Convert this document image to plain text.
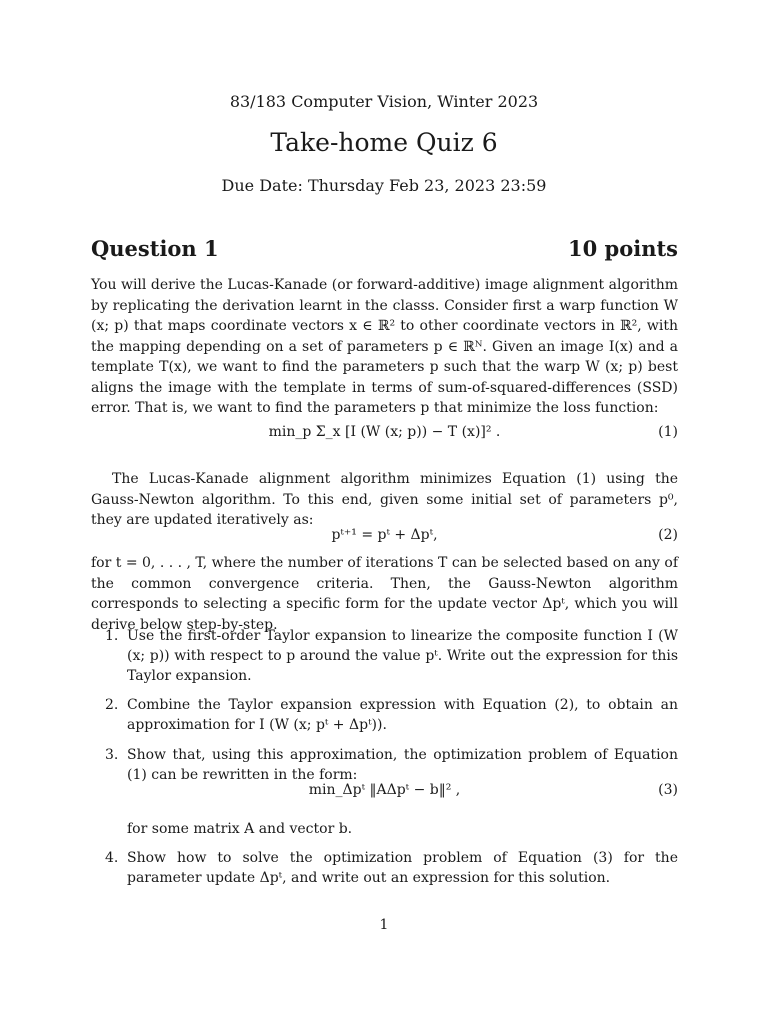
83/183 Computer Vision, Winter 2023
Take-home Quiz 6
Due Date: Thursday Feb 23, 2023 23:59
Question 1	10 points
You will derive the Lucas-Kanade (or forward-additive) image alignment algorithm by replicating the derivation learnt in the classs. Consider first a warp function W (x; p) that maps coordinate vectors x ∈ ℝ² to other coordinate vectors in ℝ², with the mapping depending on a set of parameters p ∈ ℝᴺ. Given an image I(x) and a template T(x), we want to find the parameters p such that the warp W (x; p) best aligns the image with the template in terms of sum-of-squared-differences (SSD) error. That is, we want to find the parameters p that minimize the loss function:
min_p Σ_x [I (W (x; p)) − T (x)]² .	(1)
The Lucas-Kanade alignment algorithm minimizes Equation (1) using the Gauss-Newton algorithm. To this end, given some initial set of parameters p⁰, they are updated iteratively as:
pᵗ⁺¹ = pᵗ + Δpᵗ,	(2)
for t = 0, . . . , T, where the number of iterations T can be selected based on any of the common convergence criteria. Then, the Gauss-Newton algorithm corresponds to selecting a specific form for the update vector Δpᵗ, which you will derive below step-by-step.
1. Use the first-order Taylor expansion to linearize the composite function I (W (x; p)) with respect to p around the value pᵗ. Write out the expression for this Taylor expansion.
2. Combine the Taylor expansion expression with Equation (2), to obtain an approximation for I (W (x; pᵗ + Δpᵗ)).
3. Show that, using this approximation, the optimization problem of Equation (1) can be rewritten in the form:
for some matrix A and vector b.
4. Show how to solve the optimization problem of Equation (3) for the parameter update Δpᵗ, and write out an expression for this solution.
min_Δpᵗ ‖AΔpᵗ − b‖² ,	(3)
1
